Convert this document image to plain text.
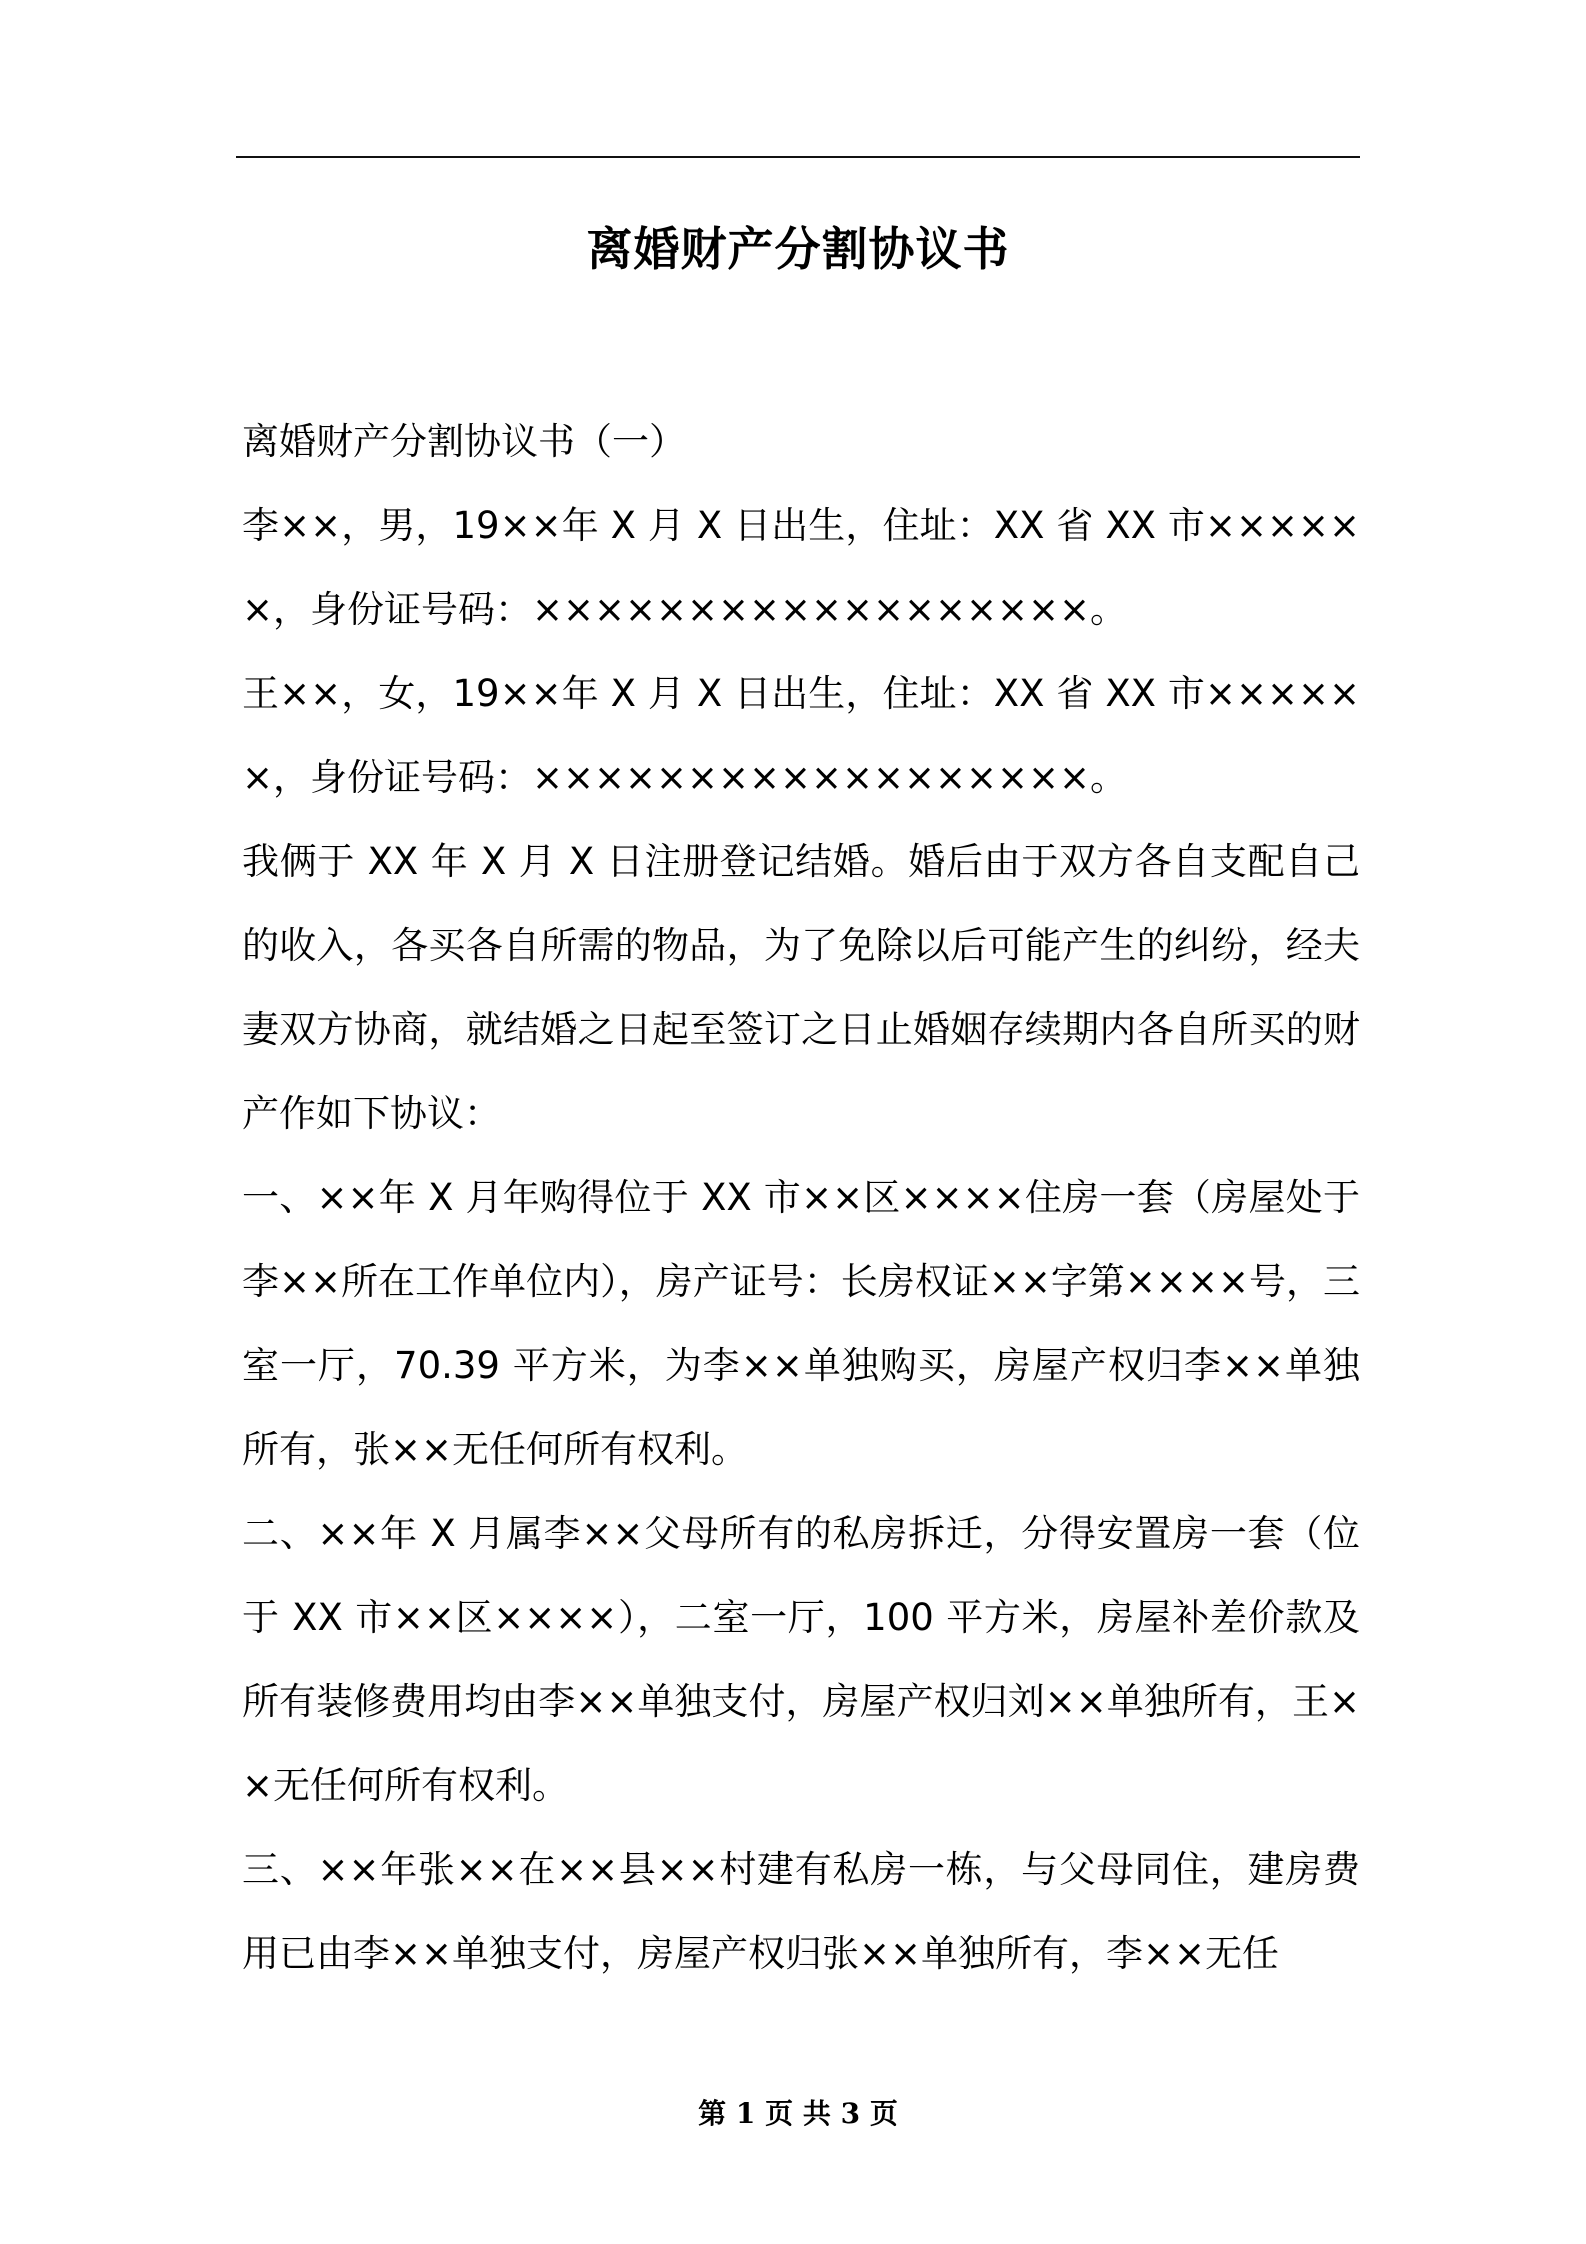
离婚财产分割协议书

离婚财产分割协议书（一）

李××，男，19××年 X 月 X 日出生，住址：XX 省 XX 市××××××，身份证号码：××××××××××××××××××。

王××，女，19××年 X 月 X 日出生，住址：XX 省 XX 市××××××，身份证号码：××××××××××××××××××。

我俩于 XX 年 X 月 X 日注册登记结婚。婚后由于双方各自支配自己的收入，各买各自所需的物品，为了免除以后可能产生的纠纷，经夫妻双方协商，就结婚之日起至签订之日止婚姻存续期内各自所买的财产作如下协议：

一、××年 X 月年购得位于 XX 市××区××××住房一套（房屋处于李××所在工作单位内），房产证号：长房权证××字第××××号，三室一厅，70.39 平方米，为李××单独购买，房屋产权归李××单独所有，张××无任何所有权利。

二、××年 X 月属李××父母所有的私房拆迁，分得安置房一套（位于 XX 市××区××××），二室一厅，100 平方米，房屋补差价款及所有装修费用均由李××单独支付，房屋产权归刘××单独所有，王××无任何所有权利。

三、××年张××在××县××村建有私房一栋，与父母同住，建房费用已由李××单独支付，房屋产权归张××单独所有，李××无任

第 1 页 共 3 页
